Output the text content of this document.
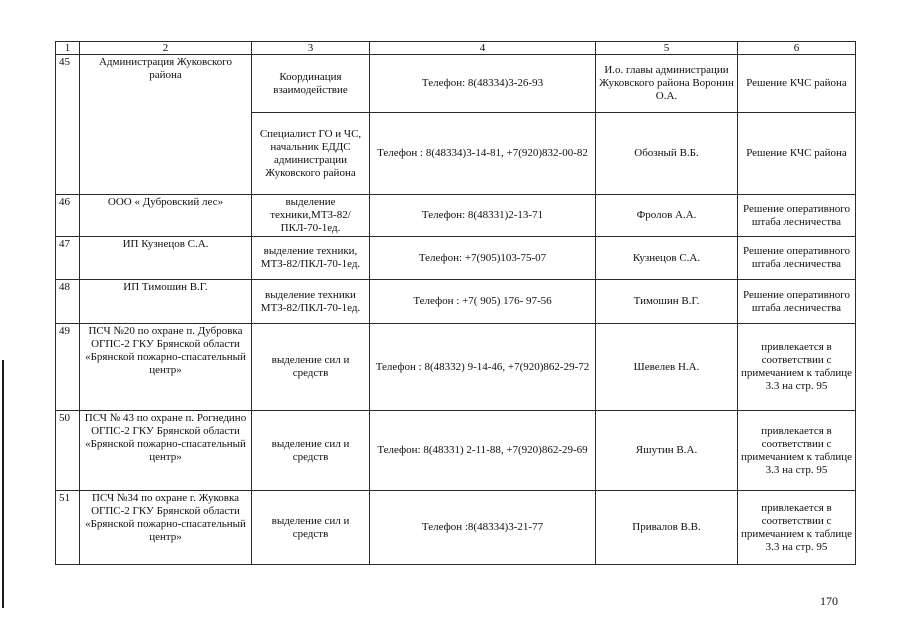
1	2	3	4	5	6
45	Администрация Жуковского района	Координация взаимодействие	Телефон: 8(48334)3-26-93	И.о. главы администрации Жуковского района Воронин О.А.	Решение КЧС района
		Специалист ГО и ЧС, начальник ЕДДС администрации Жуковского района	Телефон : 8(48334)3-14-81, +7(920)832-00-82	Обозный В.Б.	Решение КЧС района
46	ООО « Дубровский лес»	выделение техники,МТЗ-82/ПКЛ-70-1ед.	Телефон: 8(48331)2-13-71	Фролов А.А.	Решение оперативного штаба лесничества
47	ИП Кузнецов С.А.	выделение техники, МТЗ-82/ПКЛ-70-1ед.	Телефон: +7(905)103-75-07	Кузнецов С.А.	Решение оперативного штаба лесничества
48	ИП Тимошин В.Г.	выделение техники МТЗ-82/ПКЛ-70-1ед.	Телефон : +7( 905) 176- 97-56	Тимошин В.Г.	Решение оперативного штаба лесничества
49	ПСЧ №20 по охране п. Дубровка ОГПС-2 ГКУ Брянской области «Брянской пожарно-спасательный центр»	выделение сил и средств	Телефон : 8(48332) 9-14-46, +7(920)862-29-72	Шевелев Н.А.	привлекается в соответствии с примечанием к таблице 3.3 на стр. 95
50	ПСЧ № 43 по охране п. Рогнедино ОГПС-2 ГКУ Брянской области «Брянской пожарно-спасательный центр»	выделение сил и средств	Телефон: 8(48331) 2-11-88, +7(920)862-29-69	Яшутин В.А.	привлекается в соответствии с примечанием к таблице 3.3 на стр. 95
51	ПСЧ №34 по охране г. Жуковка ОГПС-2 ГКУ Брянской области «Брянской пожарно-спасательный центр»	выделение сил и средств	Телефон :8(48334)3-21-77	Привалов В.В.	привлекается в соответствии с примечанием к таблице 3.3 на стр. 95
170
